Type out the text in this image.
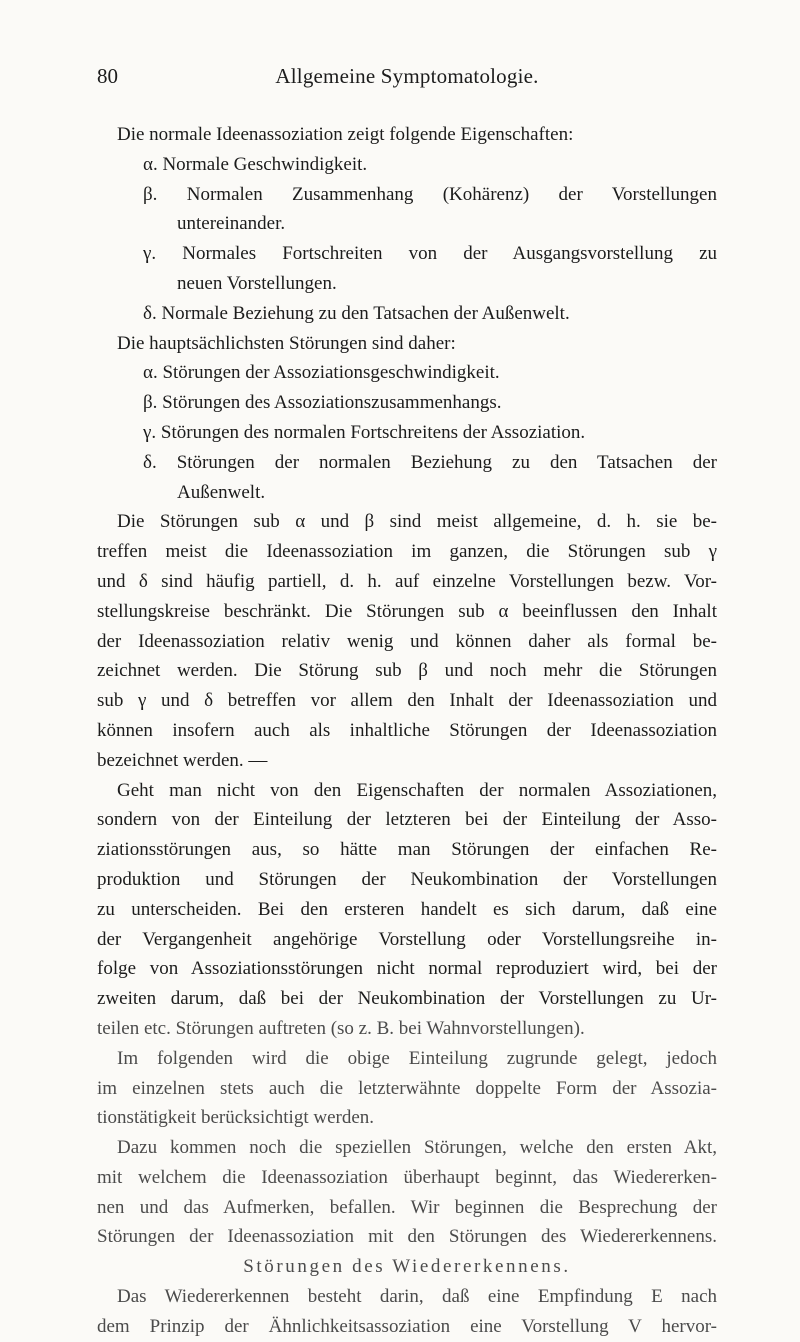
80	Allgemeine Symptomatologie.
Die normale Ideenassoziation zeigt folgende Eigenschaften:
α. Normale Geschwindigkeit.
β. Normalen Zusammenhang (Kohärenz) der Vorstellungen
untereinander.
γ. Normales Fortschreiten von der Ausgangsvorstellung zu
neuen Vorstellungen.
δ. Normale Beziehung zu den Tatsachen der Außenwelt.
Die hauptsächlichsten Störungen sind daher:
α. Störungen der Assoziationsgeschwindigkeit.
β. Störungen des Assoziationszusammenhangs.
γ. Störungen des normalen Fortschreitens der Assoziation.
δ. Störungen der normalen Beziehung zu den Tatsachen der
Außenwelt.
Die Störungen sub α und β sind meist allgemeine, d. h. sie be-
treffen meist die Ideenassoziation im ganzen, die Störungen sub γ
und δ sind häufig partiell, d. h. auf einzelne Vorstellungen bezw. Vor-
stellungskreise beschränkt. Die Störungen sub α beeinflussen den Inhalt
der Ideenassoziation relativ wenig und können daher als formal be-
zeichnet werden. Die Störung sub β und noch mehr die Störungen
sub γ und δ betreffen vor allem den Inhalt der Ideenassoziation und
können insofern auch als inhaltliche Störungen der Ideenassoziation
bezeichnet werden. —
Geht man nicht von den Eigenschaften der normalen Assoziationen,
sondern von der Einteilung der letzteren bei der Einteilung der Asso-
ziationsstörungen aus, so hätte man Störungen der einfachen Re-
produktion und Störungen der Neukombination der Vorstellungen
zu unterscheiden. Bei den ersteren handelt es sich darum, daß eine
der Vergangenheit angehörige Vorstellung oder Vorstellungsreihe in-
folge von Assoziationsstörungen nicht normal reproduziert wird, bei der
zweiten darum, daß bei der Neukombination der Vorstellungen zu Ur-
teilen etc. Störungen auftreten (so z. B. bei Wahnvorstellungen).
Im folgenden wird die obige Einteilung zugrunde gelegt, jedoch
im einzelnen stets auch die letzterwähnte doppelte Form der Assozia-
tionstätigkeit berücksichtigt werden.
Dazu kommen noch die speziellen Störungen, welche den ersten Akt,
mit welchem die Ideenassoziation überhaupt beginnt, das Wiedererken-
nen und das Aufmerken, befallen. Wir beginnen die Besprechung der
Störungen der Ideenassoziation mit den Störungen des Wiedererkennens.
Störungen des Wiedererkennens.
Das Wiedererkennen besteht darin, daß eine Empfindung E nach
dem Prinzip der Ähnlichkeitsassoziation eine Vorstellung V hervor-
